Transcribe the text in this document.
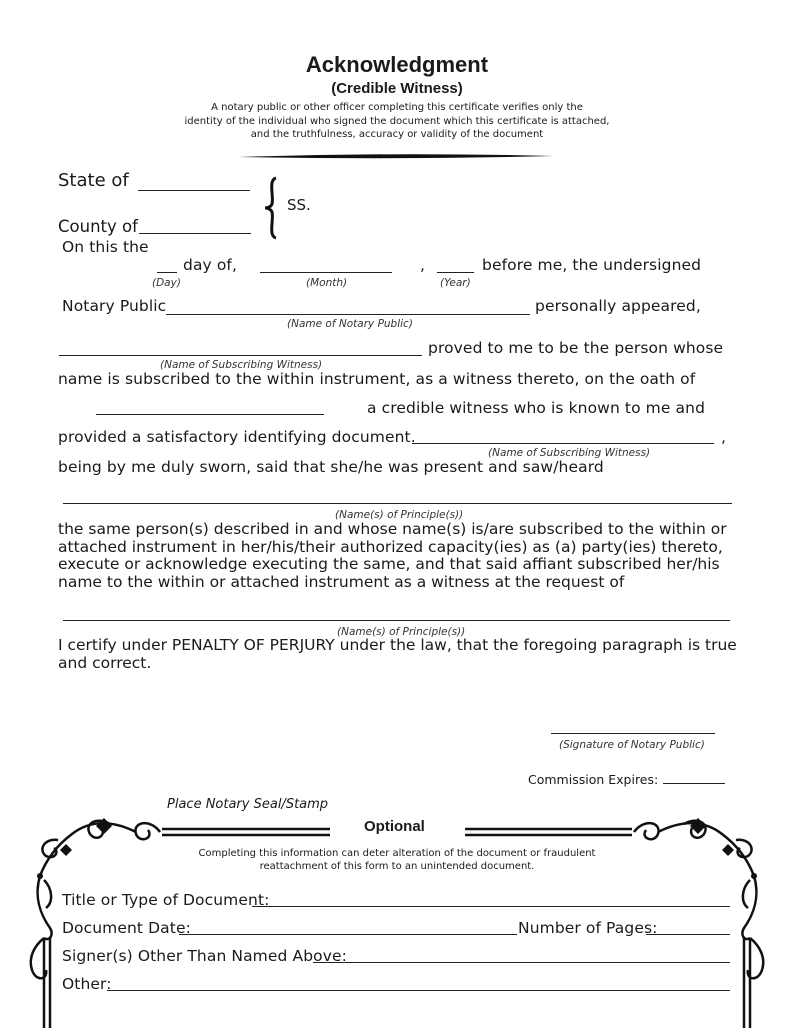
Acknowledgment
(Credible Witness)
A notary public or other officer completing this certificate verifies only the
identity of the individual who signed the document which this certificate is attached,
and the truthfulness, accuracy or validity of the document
State of
County of
SS.
On this the
day of,	,	before me, the undersigned
(Day)	(Month)	(Year)
Notary Public	personally appeared,
(Name of Notary Public)
proved to me to be the person whose
(Name of Subscribing Witness)
name is subscribed to the within instrument, as a witness thereto, on the oath of
a credible witness who is known to me and
provided a satisfactory identifying document.	,
(Name of Subscribing Witness)
being by me duly sworn, said that she/he was present and saw/heard
(Name(s) of Principle(s))
the same person(s) described in and whose name(s) is/are subscribed to the within or attached instrument in her/his/their authorized capacity(ies) as (a) party(ies) thereto, execute or acknowledge executing the same, and that said affiant subscribed her/his name to the within or attached instrument as a witness at the request of
(Name(s) of Principle(s))
I certify under PENALTY OF PERJURY under the law, that the foregoing paragraph is true and correct.
(Signature of Notary Public)
Commission Expires:
Place Notary Seal/Stamp
Optional
Completing this information can deter alteration of the document or fraudulent
reattachment of this form to an unintended document.
Title or Type of Document:
Document Date:	Number of Pages:
Signer(s) Other Than Named Above:
Other:
